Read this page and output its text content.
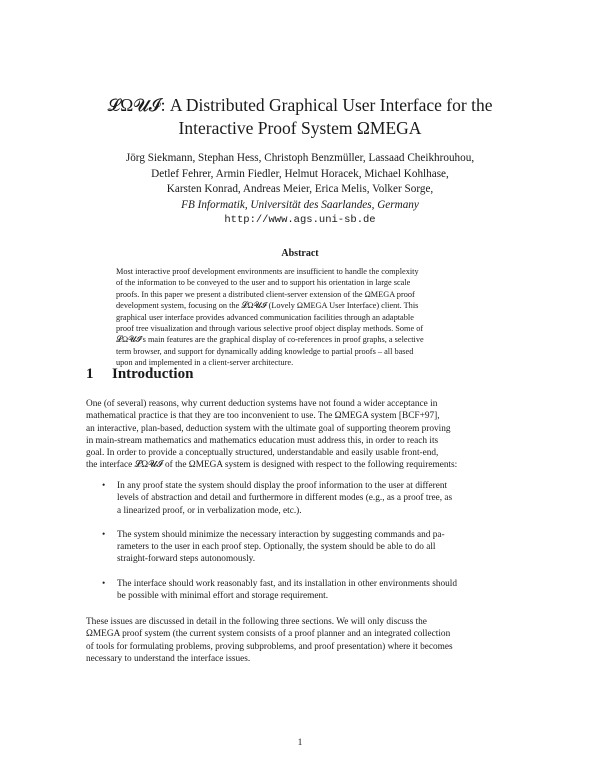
𝓛Ω𝓤𝓘: A Distributed Graphical User Interface for the
Interactive Proof System ΩMEGA
Jörg Siekmann, Stephan Hess, Christoph Benzmüller, Lassaad Cheikhrouhou,
Detlef Fehrer, Armin Fiedler, Helmut Horacek, Michael Kohlhase,
Karsten Konrad, Andreas Meier, Erica Melis, Volker Sorge,
FB Informatik, Universität des Saarlandes, Germany
http://www.ags.uni-sb.de
Abstract
Most interactive proof development environments are insufficient to handle the complexity
of the information to be conveyed to the user and to support his orientation in large scale
proofs. In this paper we present a distributed client-server extension of the ΩMEGA proof
development system, focusing on the 𝓛Ω𝓤𝓘 (Lovely ΩMEGA User Interface) client. This
graphical user interface provides advanced communication facilities through an adaptable
proof tree visualization and through various selective proof object display methods. Some of
𝓛Ω𝓤𝓘's main features are the graphical display of co-references in proof graphs, a selective
term browser, and support for dynamically adding knowledge to partial proofs – all based
upon and implemented in a client-server architecture.
1 Introduction
One (of several) reasons, why current deduction systems have not found a wider acceptance in
mathematical practice is that they are too inconvenient to use. The ΩMEGA system [BCF+97],
an interactive, plan-based, deduction system with the ultimate goal of supporting theorem proving
in main-stream mathematics and mathematics education must address this, in order to reach its
goal. In order to provide a conceptually structured, understandable and easily usable front-end,
the interface 𝓛Ω𝓤𝓘 of the ΩMEGA system is designed with respect to the following requirements:
• In any proof state the system should display the proof information to the user at different
levels of abstraction and detail and furthermore in different modes (e.g., as a proof tree, as
a linearized proof, or in verbalization mode, etc.).
• The system should minimize the necessary interaction by suggesting commands and pa-
rameters to the user in each proof step. Optionally, the system should be able to do all
straight-forward steps autonomously.
• The interface should work reasonably fast, and its installation in other environments should
be possible with minimal effort and storage requirement.
These issues are discussed in detail in the following three sections. We will only discuss the
ΩMEGA proof system (the current system consists of a proof planner and an integrated collection
of tools for formulating problems, proving subproblems, and proof presentation) where it becomes
necessary to understand the interface issues.
1
